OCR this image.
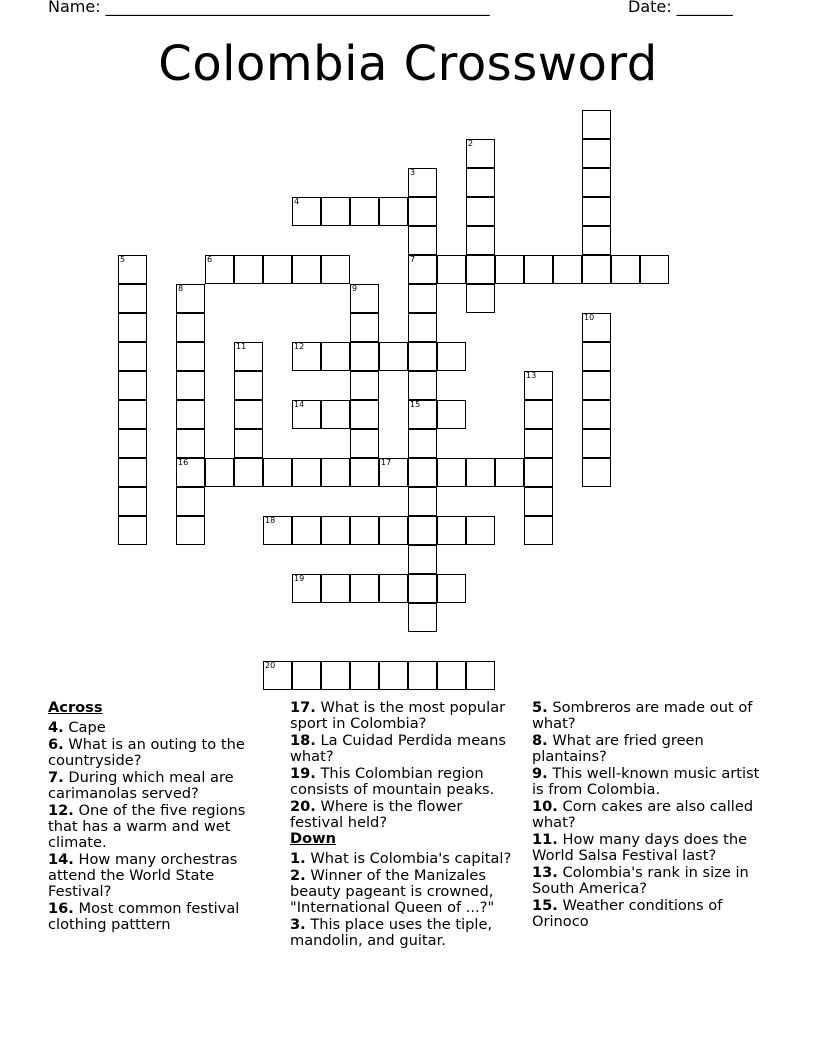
Name: ________________________________________________	Date: _______
Colombia Crossword
2
3
7
4
5	6
8
16
9
10
11	12
13
14	15
17
18
19
20
Across
4. Cape
6. What is an outing to the countryside?
7. During which meal are carimanolas served?
12. One of the five regions that has a warm and wet climate.
14. How many orchestras attend the World State Festival?
16. Most common festival clothing patttern
17. What is the most popular sport in Colombia?
18. La Cuidad Perdida means what?
19. This Colombian region consists of mountain peaks.
20. Where is the flower festival held?
Down
1. What is Colombia's capital?
2. Winner of the Manizales beauty pageant is crowned, "International Queen of ...?"
3. This place uses the tiple, mandolin, and guitar.
5. Sombreros are made out of what?
8. What are fried green plantains?
9. This well-known music artist is from Colombia.
10. Corn cakes are also called what?
11. How many days does the World Salsa Festival last?
13. Colombia's rank in size in South America?
15. Weather conditions of Orinoco
